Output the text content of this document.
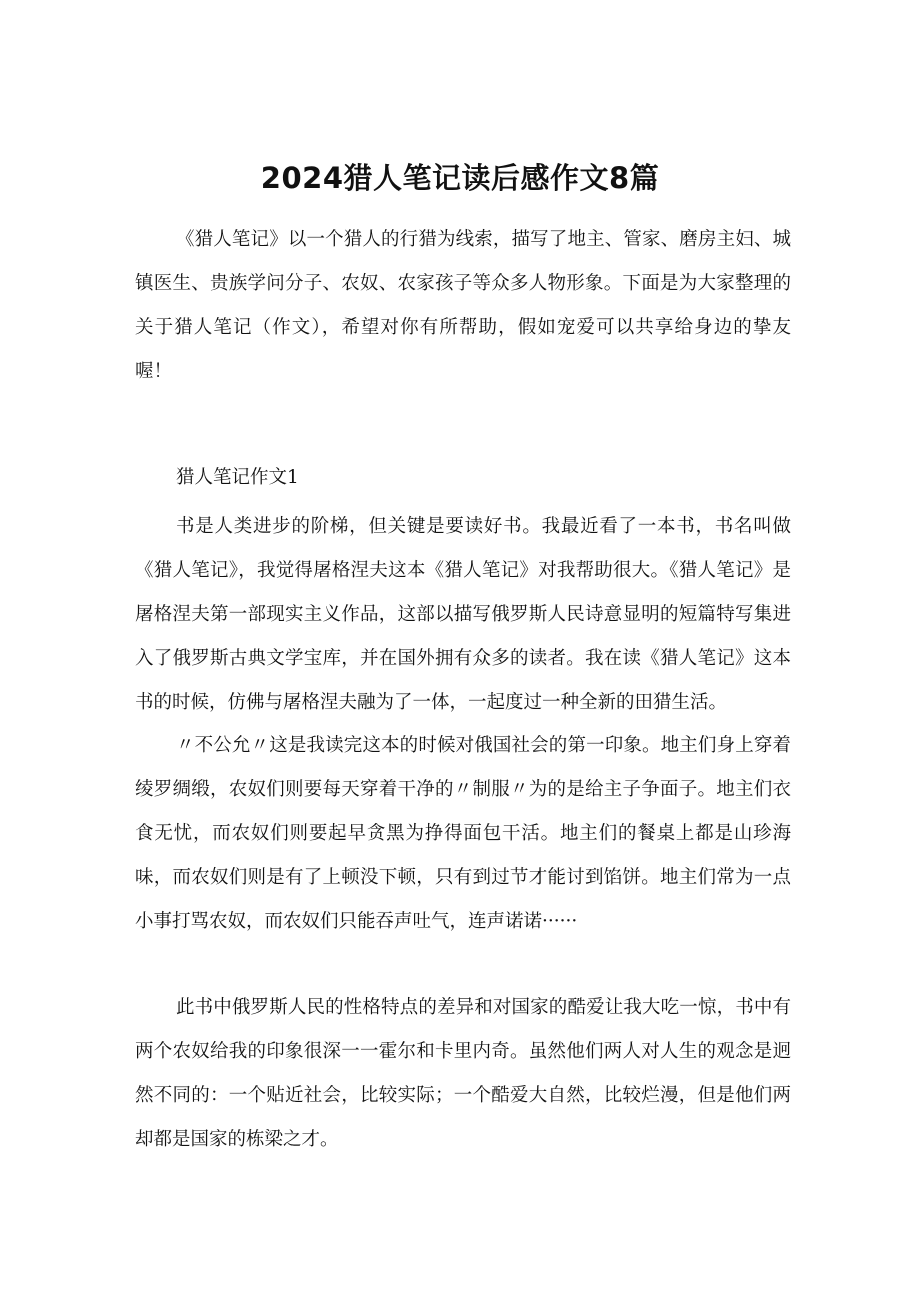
2024猎人笔记读后感作文8篇

《猎人笔记》以一个猎人的行猎为线索，描写了地主、管家、磨房主妇、城镇医生、贵族学问分子、农奴、农家孩子等众多人物形象。下面是为大家整理的关于猎人笔记（作文），希望对你有所帮助，假如宠爱可以共享给身边的挚友喔！

猎人笔记作文1

书是人类进步的阶梯，但关键是要读好书。我最近看了一本书，书名叫做《猎人笔记》，我觉得屠格涅夫这本《猎人笔记》对我帮助很大。《猎人笔记》是屠格涅夫第一部现实主义作品，这部以描写俄罗斯人民诗意显明的短篇特写集进入了俄罗斯古典文学宝库，并在国外拥有众多的读者。我在读《猎人笔记》这本书的时候，仿佛与屠格涅夫融为了一体，一起度过一种全新的田猎生活。

〃不公允〃这是我读完这本的时候对俄国社会的第一印象。地主们身上穿着绫罗绸缎，农奴们则要每天穿着干净的〃制服〃为的是给主子争面子。地主们衣食无忧，而农奴们则要起早贪黑为挣得面包干活。地主们的餐桌上都是山珍海味，而农奴们则是有了上顿没下顿，只有到过节才能讨到馅饼。地主们常为一点小事打骂农奴，而农奴们只能吞声吐气，连声诺诺······

此书中俄罗斯人民的性格特点的差异和对国家的酷爱让我大吃一惊，书中有两个农奴给我的印象很深一一霍尔和卡里内奇。虽然他们两人对人生的观念是迥然不同的：一个贴近社会，比较实际；一个酷爱大自然，比较烂漫，但是他们两却都是国家的栋梁之才。
